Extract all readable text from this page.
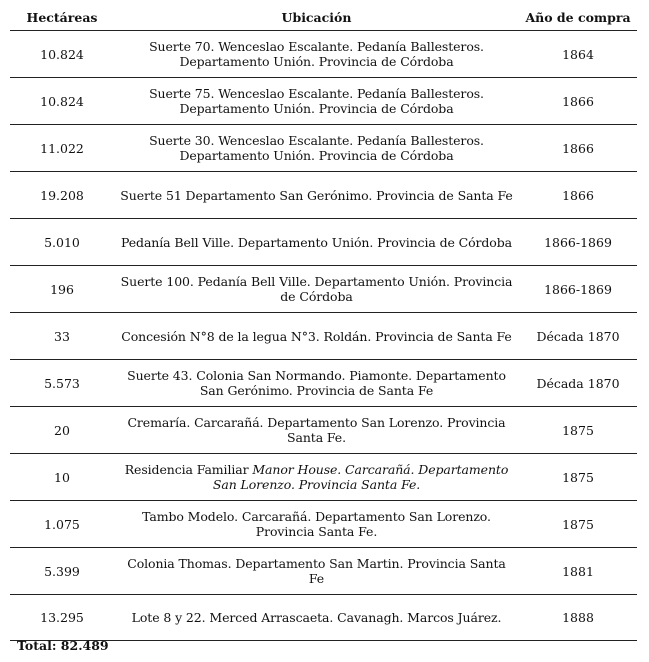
Hectáreas	Ubicación	Año de compra
10.824	Suerte 70. Wenceslao Escalante. Pedanía Ballesteros. Departamento Unión. Provincia de Córdoba	1864
10.824	Suerte 75. Wenceslao Escalante. Pedanía Ballesteros. Departamento Unión. Provincia de Córdoba	1866
11.022	Suerte 30. Wenceslao Escalante. Pedanía Ballesteros. Departamento Unión. Provincia de Córdoba	1866
19.208	Suerte 51 Departamento San Gerónimo. Provincia de Santa Fe	1866
5.010	Pedanía Bell Ville. Departamento Unión. Provincia de Córdoba	1866-1869
196	Suerte 100. Pedanía Bell Ville. Departamento Unión. Provincia de Córdoba	1866-1869
33	Concesión N°8 de la legua N°3. Roldán. Provincia de Santa Fe	Década 1870
5.573	Suerte 43. Colonia San Normando. Piamonte. Departamento San Gerónimo. Provincia de Santa Fe	Década 1870
20	Cremaría. Carcarañá. Departamento San Lorenzo. Provincia Santa Fe.	1875
10	Residencia Familiar Manor House. Carcarañá. Departamento San Lorenzo. Provincia Santa Fe.	1875
1.075	Tambo Modelo. Carcarañá. Departamento San Lorenzo. Provincia Santa Fe.	1875
5.399	Colonia Thomas. Departamento San Martin. Provincia Santa Fe	1881
13.295	Lote 8 y 22. Merced Arrascaeta. Cavanagh. Marcos Juárez.	1888
Total: 82.489
